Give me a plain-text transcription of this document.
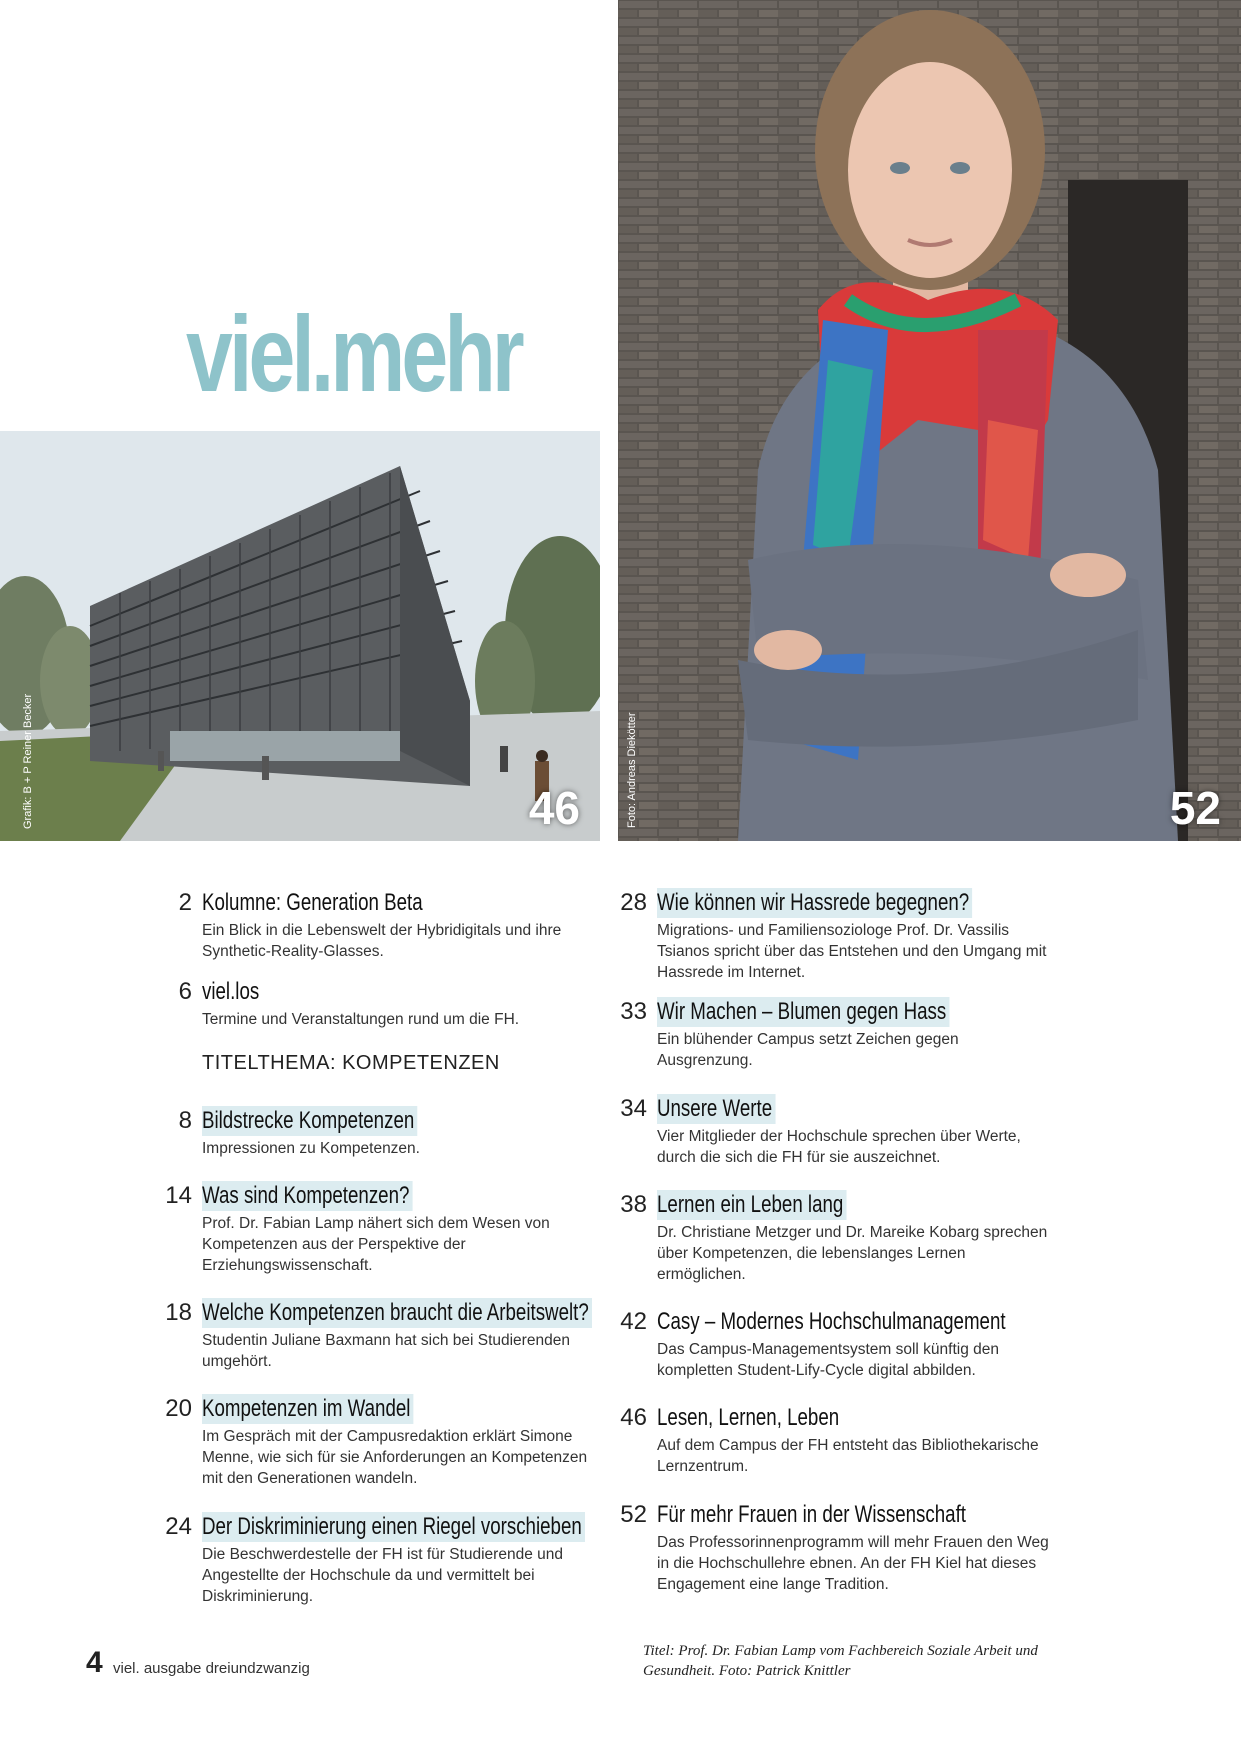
viel.mehr
Grafik: B + P Reiner Becker	46	Foto: Andreas Diekötter	52
2 Kolumne: Generation Beta

Ein Blick in die Lebenswelt der Hybridigitals und ihre Synthetic-Reality-Glasses.

6 viel.los

Termine und Veranstaltungen rund um die FH.

TITELTHEMA: KOMPETENZEN
8 Bildstrecke Kompetenzen

Impressionen zu Kompetenzen.

14 Was sind Kompetenzen?

Prof. Dr. Fabian Lamp nähert sich dem Wesen von Kompetenzen aus der Perspektive der Erziehungswissenschaft.

18 Welche Kompetenzen braucht die Arbeitswelt?

Studentin Juliane Baxmann hat sich bei Studierenden umgehört.

20 Kompetenzen im Wandel

Im Gespräch mit der Campusredaktion erklärt Simone Menne, wie sich für sie Anforderungen an Kompetenzen mit den Generationen wandeln.

24 Der Diskriminierung einen Riegel vorschieben

Die Beschwerdestelle der FH ist für Studierende und Angestellte der Hochschule da und vermittelt bei Diskriminierung.

28 Wie können wir Hassrede begegnen?

Migrations- und Familiensoziologe Prof. Dr. Vassilis Tsianos spricht über das Entstehen und den Umgang mit Hassrede im Internet.

33 Wir Machen – Blumen gegen Hass

Ein blühender Campus setzt Zeichen gegen Ausgrenzung.

34 Unsere Werte

Vier Mitglieder der Hochschule sprechen über Werte, durch die sich die FH für sie auszeichnet.

38 Lernen ein Leben lang

Dr. Christiane Metzger und Dr. Mareike Kobarg sprechen über Kompetenzen, die lebenslanges Lernen ermöglichen.

42 Casy – Modernes Hochschulmanagement

Das Campus-Managementsystem soll künftig den kompletten Student-Lify-Cycle digital abbilden.

46 Lesen, Lernen, Leben

Auf dem Campus der FH entsteht das Bibliothekarische Lernzentrum.

52 Für mehr Frauen in der Wissenschaft

Das Professorinnenprogramm will mehr Frauen den Weg in die Hochschullehre ebnen. An der FH Kiel hat dieses Engagement eine lange Tradition.

4 viel. ausgabe dreiundzwanzig
Titel: Prof. Dr. Fabian Lamp vom Fachbereich Soziale Arbeit und Gesundheit. Foto: Patrick Knittler
